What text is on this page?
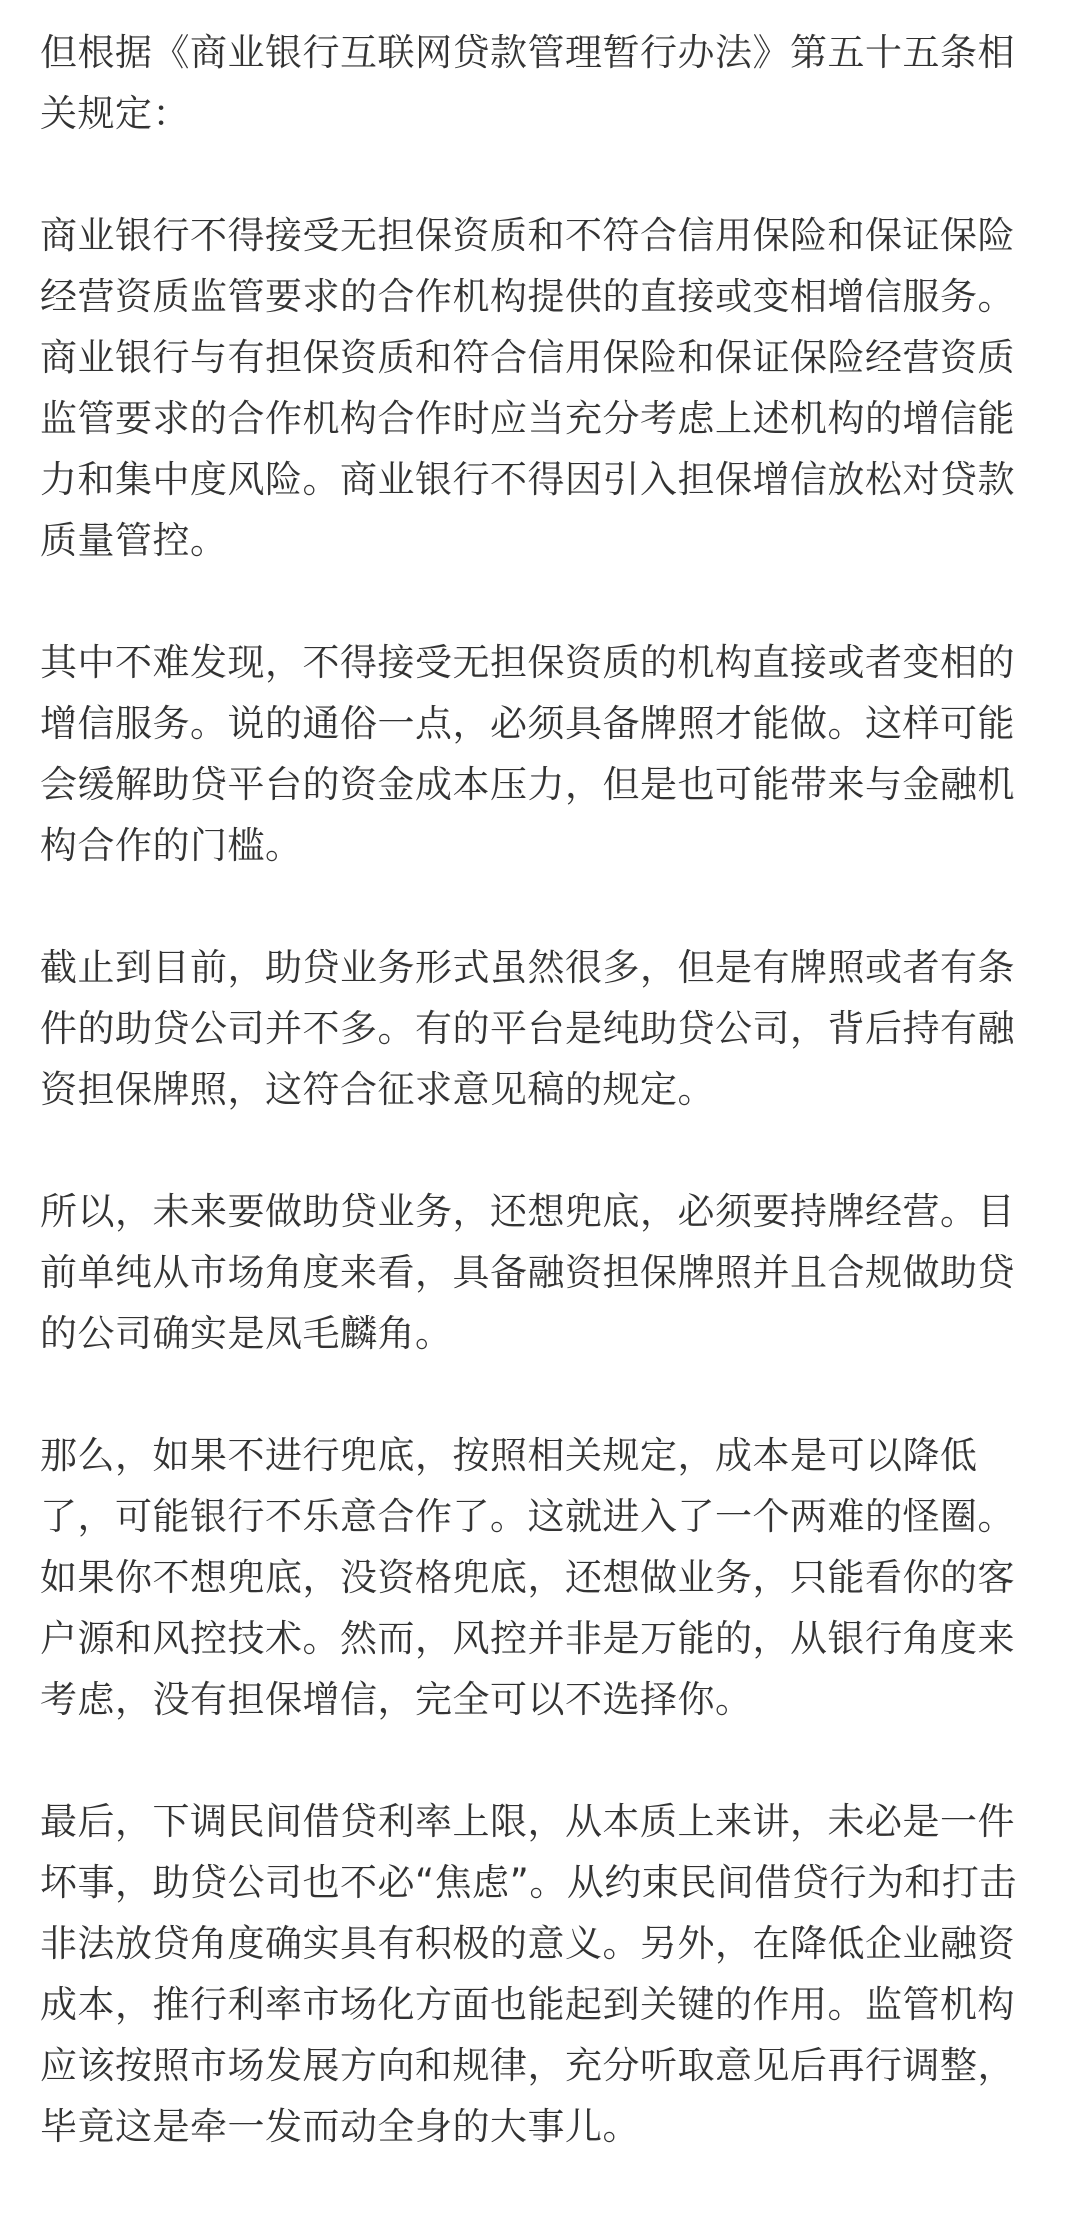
但根据《商业银行互联网贷款管理暂行办法》第五十五条相关规定：

商业银行不得接受无担保资质和不符合信用保险和保证保险经营资质监管要求的合作机构提供的直接或变相增信服务。商业银行与有担保资质和符合信用保险和保证保险经营资质监管要求的合作机构合作时应当充分考虑上述机构的增信能力和集中度风险。商业银行不得因引入担保增信放松对贷款质量管控。

其中不难发现，不得接受无担保资质的机构直接或者变相的增信服务。说的通俗一点，必须具备牌照才能做。这样可能会缓解助贷平台的资金成本压力，但是也可能带来与金融机构合作的门槛。

截止到目前，助贷业务形式虽然很多，但是有牌照或者有条件的助贷公司并不多。有的平台是纯助贷公司，背后持有融资担保牌照，这符合征求意见稿的规定。

所以，未来要做助贷业务，还想兜底，必须要持牌经营。目前单纯从市场角度来看，具备融资担保牌照并且合规做助贷的公司确实是凤毛麟角。

那么，如果不进行兜底，按照相关规定，成本是可以降低了，可能银行不乐意合作了。这就进入了一个两难的怪圈。如果你不想兜底，没资格兜底，还想做业务，只能看你的客户源和风控技术。然而，风控并非是万能的，从银行角度来考虑，没有担保增信，完全可以不选择你。

最后，下调民间借贷利率上限，从本质上来讲，未必是一件坏事，助贷公司也不必“焦虑”。从约束民间借贷行为和打击非法放贷角度确实具有积极的意义。另外，在降低企业融资成本，推行利率市场化方面也能起到关键的作用。监管机构应该按照市场发展方向和规律，充分听取意见后再行调整，毕竟这是牵一发而动全身的大事儿。
